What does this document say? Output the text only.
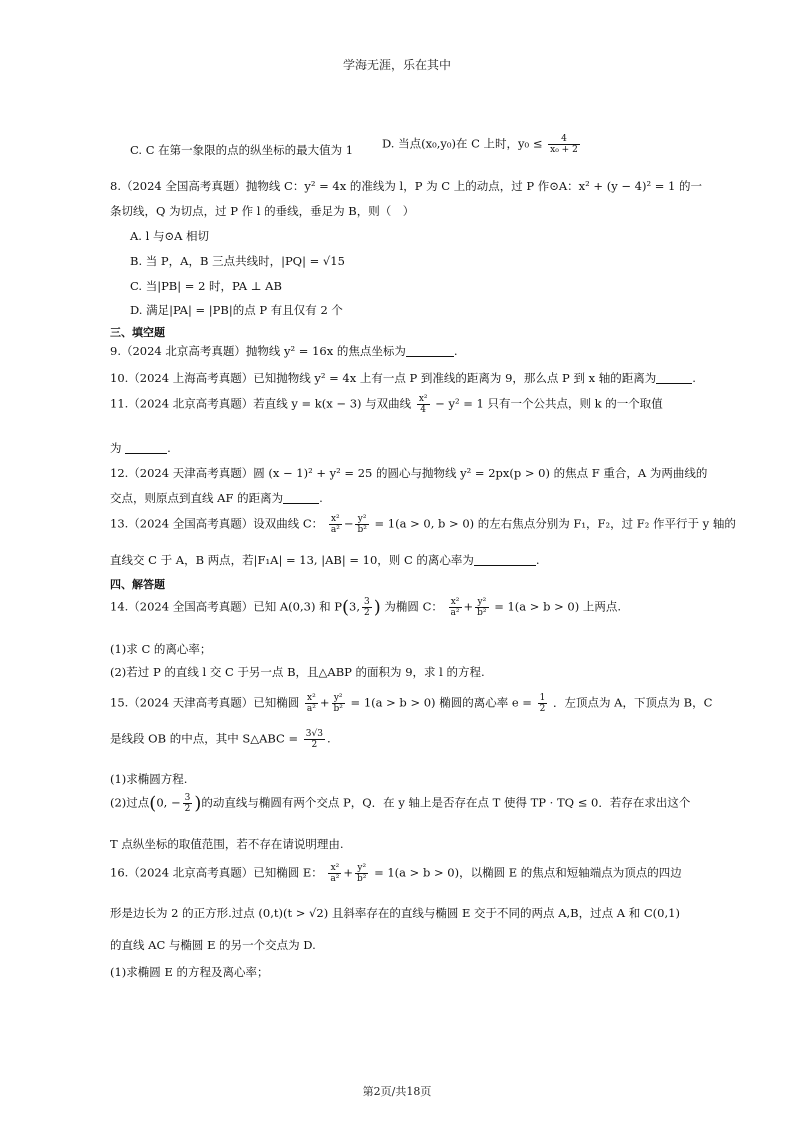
学海无涯，乐在其中
C. C 在第一象限的点的纵坐标的最大值为 1	D. 当点(x₀,y₀)在 C 上时，$y_0 \le \frac{4}{\text{x₀ + 2}}$
8.（2024 全国高考真题）抛物线 C：y² = 4x 的准线为 l，P 为 C 上的动点，过 P 作⊙A：x² + (y − 4)² = 1 的一
条切线，Q 为切点，过 P 作 l 的垂线，垂足为 B，则（　）
A. l 与⊙A 相切
B. 当 P，A，B 三点共线时，|PQ| = √15
C. 当|PB| = 2 时，PA ⊥ AB
D. 满足|PA| = |PB|的点 P 有且仅有 2 个
三、填空题
9.（2024 北京高考真题）抛物线 y² = 16x 的焦点坐标为	.
10.（2024 上海高考真题）已知抛物线 y² = 4x 上有一点 P 到准线的距离为 9，那么点 P 到 x 轴的距离为	.
11.（2024 北京高考真题）若直线 y = k(x − 3) 与双曲线 $\frac{\text{x²}}{4} - y^2 = 1$ 只有一个公共点，则 k 的一个取值
为	.
12.（2024 天津高考真题）圆 (x − 1)² + y² = 25 的圆心与抛物线 y² = 2px(p > 0) 的焦点 F 重合，A 为两曲线的
交点，则原点到直线 AF 的距离为	.
13.（2024 全国高考真题）设双曲线 C： $\frac{\text{x²}}{\text{a²}} - \frac{\text{y²}}{\text{b²}} = 1(a > 0$, b > 0) 的左右焦点分别为 F₁，F₂，过 F₂ 作平行于 y 轴的
直线交 C 于 A，B 两点，若|F₁A| = 13, |AB| = 10，则 C 的离心率为	.
四、解答题
14.（2024 全国高考真题）已知 A(0,3) 和 P(3, $\frac{3}{2}$ ) 为椭圆 C： $\frac{\text{x²}}{\text{a²}} + \frac{\text{y²}}{\text{b²}} = 1(a > b > 0)$ 上两点.
(1)求 C 的离心率；
(2)若过 P 的直线 l 交 C 于另一点 B，且△ABP 的面积为 9，求 l 的方程.
15.（2024 天津高考真题）已知椭圆 $\frac{\text{x²}}{\text{a²}} + \frac{\text{y²}}{\text{b²}} = 1(a > b > 0)$ 椭圆的离心率 $e = \frac{1}{2}$ ．左顶点为 A，下顶点为 B，C
是线段 OB 的中点，其中 S△ABC = $\frac{3√3}{2}$ .
(1)求椭圆方程.
(2)过点(0, − $\frac{3}{2}$ )的动直线与椭圆有两个交点 P，Q．在 y 轴上是否存在点 T 使得 TP · TQ ≤ 0．若存在求出这个
T 点纵坐标的取值范围，若不存在请说明理由.
16.（2024 北京高考真题）已知椭圆 E： $\frac{\text{x²}}{\text{a²}} + \frac{\text{y²}}{\text{b²}} = 1(a > b > 0)$，以椭圆 E 的焦点和短轴端点为顶点的四边
形是边长为 2 的正方形.过点 (0,t)(t > √2) 且斜率存在的直线与椭圆 E 交于不同的两点 A,B，过点 A 和 C(0,1)
的直线 AC 与椭圆 E 的另一个交点为 D.
(1)求椭圆 E 的方程及离心率；
第2页/共18页
